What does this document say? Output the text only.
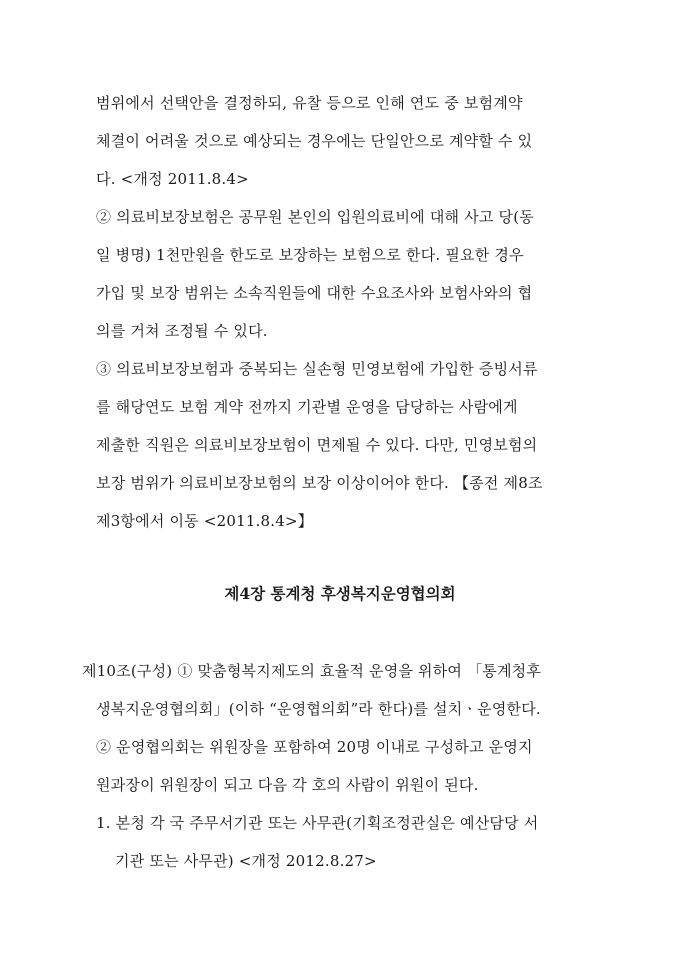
범위에서 선택안을 결정하되, 유찰 등으로 인해 연도 중 보험계약
체결이 어려울 것으로 예상되는 경우에는 단일안으로 계약할 수 있
다. <개정 2011.8.4>
② 의료비보장보험은 공무원 본인의 입원의료비에 대해 사고 당(동
일 병명) 1천만원을 한도로 보장하는 보험으로 한다. 필요한 경우
가입 및 보장 범위는 소속직원들에 대한 수요조사와 보험사와의 협
의를 거쳐 조정될 수 있다.
③ 의료비보장보험과 중복되는 실손형 민영보험에 가입한 증빙서류
를 해당연도 보험 계약 전까지 기관별 운영을 담당하는 사람에게
제출한 직원은 의료비보장보험이 면제될 수 있다. 다만, 민영보험의
보장 범위가 의료비보장보험의 보장 이상이어야 한다. 【종전 제8조
제3항에서 이동 <2011.8.4>】
제4장 통계청 후생복지운영협의회
제10조(구성) ① 맞춤형복지제도의 효율적 운영을 위하여 「통계청후
생복지운영협의회」(이하 “운영협의회”라 한다)를 설치ㆍ운영한다.
② 운영협의회는 위원장을 포함하여 20명 이내로 구성하고 운영지
원과장이 위원장이 되고 다음 각 호의 사람이 위원이 된다.
1. 본청 각 국 주무서기관 또는 사무관(기획조정관실은 예산담당 서
기관 또는 사무관) <개정 2012.8.27>
